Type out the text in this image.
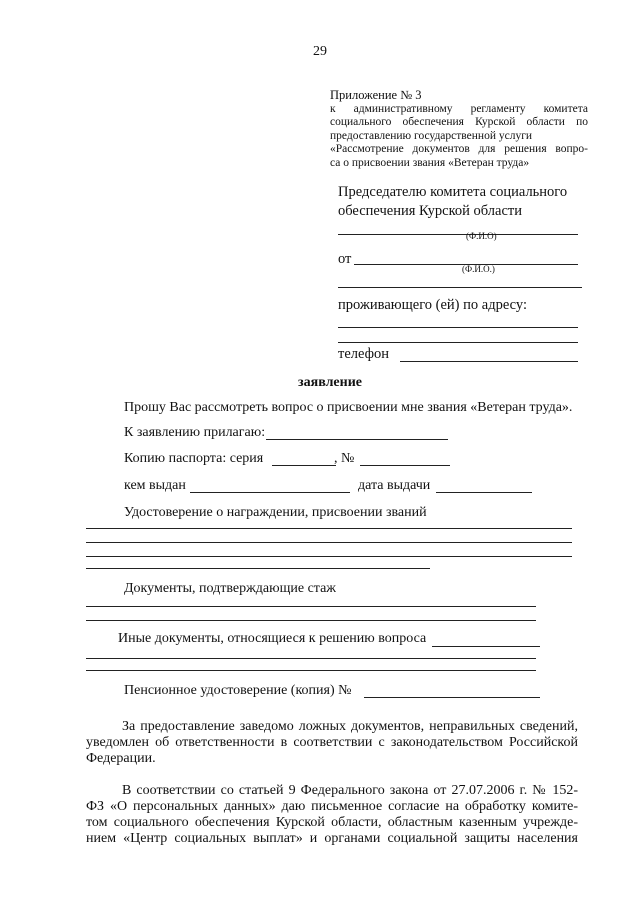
29
Приложение № 3
к административному регламенту комитета
социального обеспечения Курской области по
предоставлению государственной услуги
«Рассмотрение документов для решения вопро-
са о присвоении звания «Ветеран труда»
Председателю комитета социального
обеспечения Курской области
(Ф.И.О)
от
(Ф.И.О.)
проживающего (ей) по адресу:
телефон
заявление
Прошу Вас рассмотреть вопрос о присвоении мне звания «Ветеран труда».
К заявлению прилагаю:
Копию паспорта: серия	, №
кем выдан	дата выдачи
Удостоверение о награждении, присвоении званий
Документы, подтверждающие стаж
Иные документы, относящиеся к решению вопроса
Пенсионное удостоверение (копия) №
За предоставление заведомо ложных документов, неправильных сведений,
уведомлен об ответственности в соответствии с законодательством Российской
Федерации.
В соответствии со статьей 9 Федерального закона от 27.07.2006 г. № 152-
ФЗ «О персональных данных» даю письменное согласие на обработку комите-
том социального обеспечения Курской области, областным казенным учрежде-
нием «Центр социальных выплат» и органами социальной защиты населения
